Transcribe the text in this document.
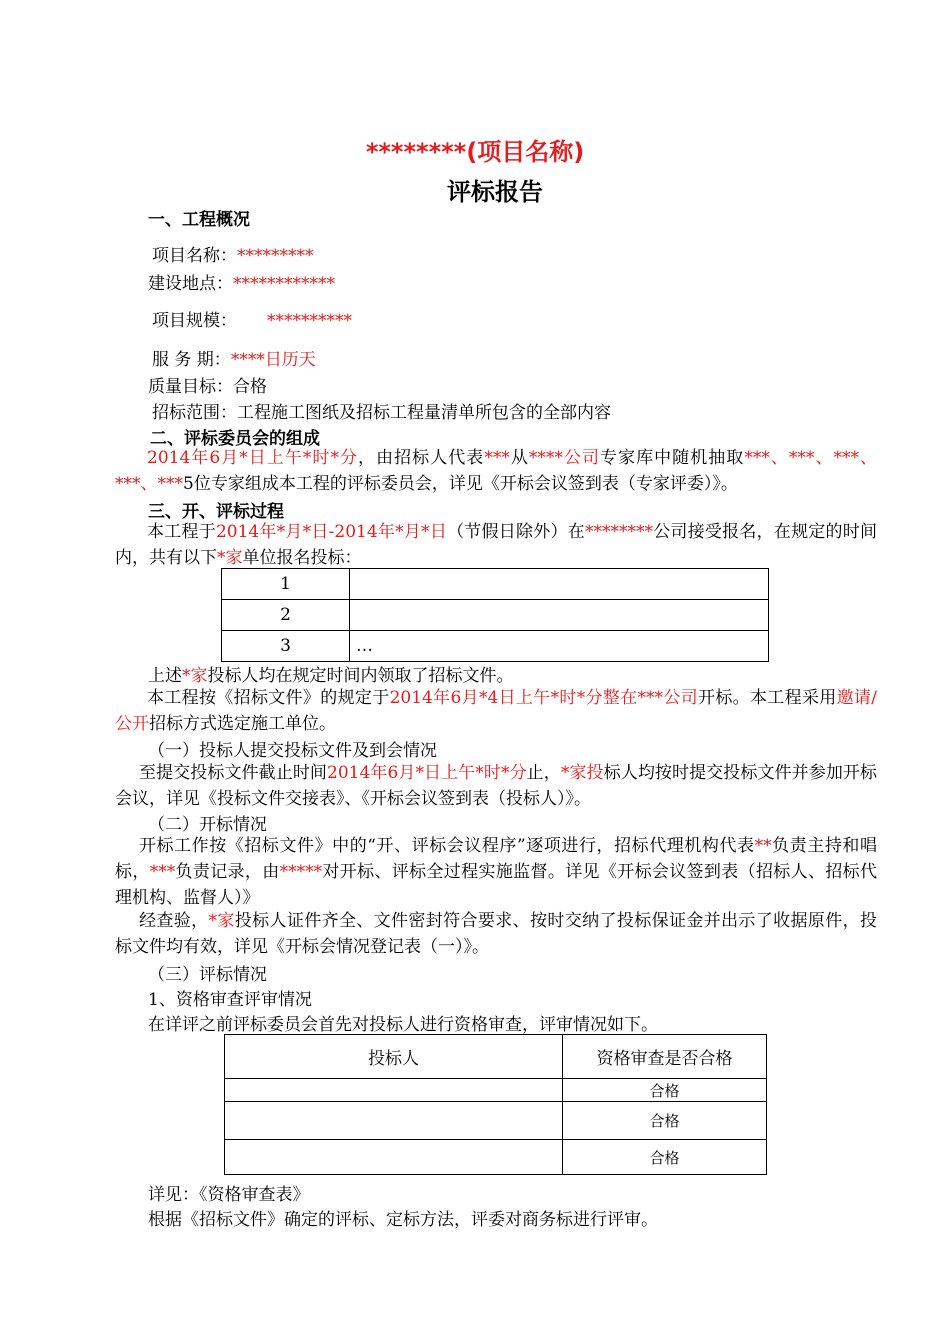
********(项目名称)
评标报告
一、工程概况
项目名称：*********
建设地点：************
项目规模： **********
服 务 期：****日历天
质量目标：合格
招标范围：工程施工图纸及招标工程量清单所包含的全部内容
二、评标委员会的组成
2014年6月*日上午*时*分，由招标人代表***从****公司专家库中随机抽取***、***、***、***、***5位专家组成本工程的评标委员会，详见《开标会议签到表（专家评委）》。
三、开、评标过程
本工程于2014年*月*日-2014年*月*日（节假日除外）在********公司接受报名，在规定的时间内，共有以下*家单位报名投标：
1	
2	
3	…
上述*家投标人均在规定时间内领取了招标文件。
本工程按《招标文件》的规定于2014年6月*4日上午*时*分整在***公司开标。本工程采用邀请/公开招标方式选定施工单位。
（一）投标人提交投标文件及到会情况
至提交投标文件截止时间2014年6月*日上午*时*分止，*家投标人均按时提交投标文件并参加开标会议，详见《投标文件交接表》、《开标会议签到表（投标人）》。
（二）开标情况
开标工作按《招标文件》中的“开、评标会议程序”逐项进行，招标代理机构代表**负责主持和唱标，***负责记录，由*****对开标、评标全过程实施监督。详见《开标会议签到表（招标人、招标代理机构、监督人）》
经查验，*家投标人证件齐全、文件密封符合要求、按时交纳了投标保证金并出示了收据原件，投标文件均有效，详见《开标会情况登记表（一）》。
（三）评标情况
1、资格审查评审情况
在详评之前评标委员会首先对投标人进行资格审查，评审情况如下。
投标人	资格审查是否合格
	合格
	合格
	合格
详见：《资格审查表》
根据《招标文件》确定的评标、定标方法，评委对商务标进行评审。
